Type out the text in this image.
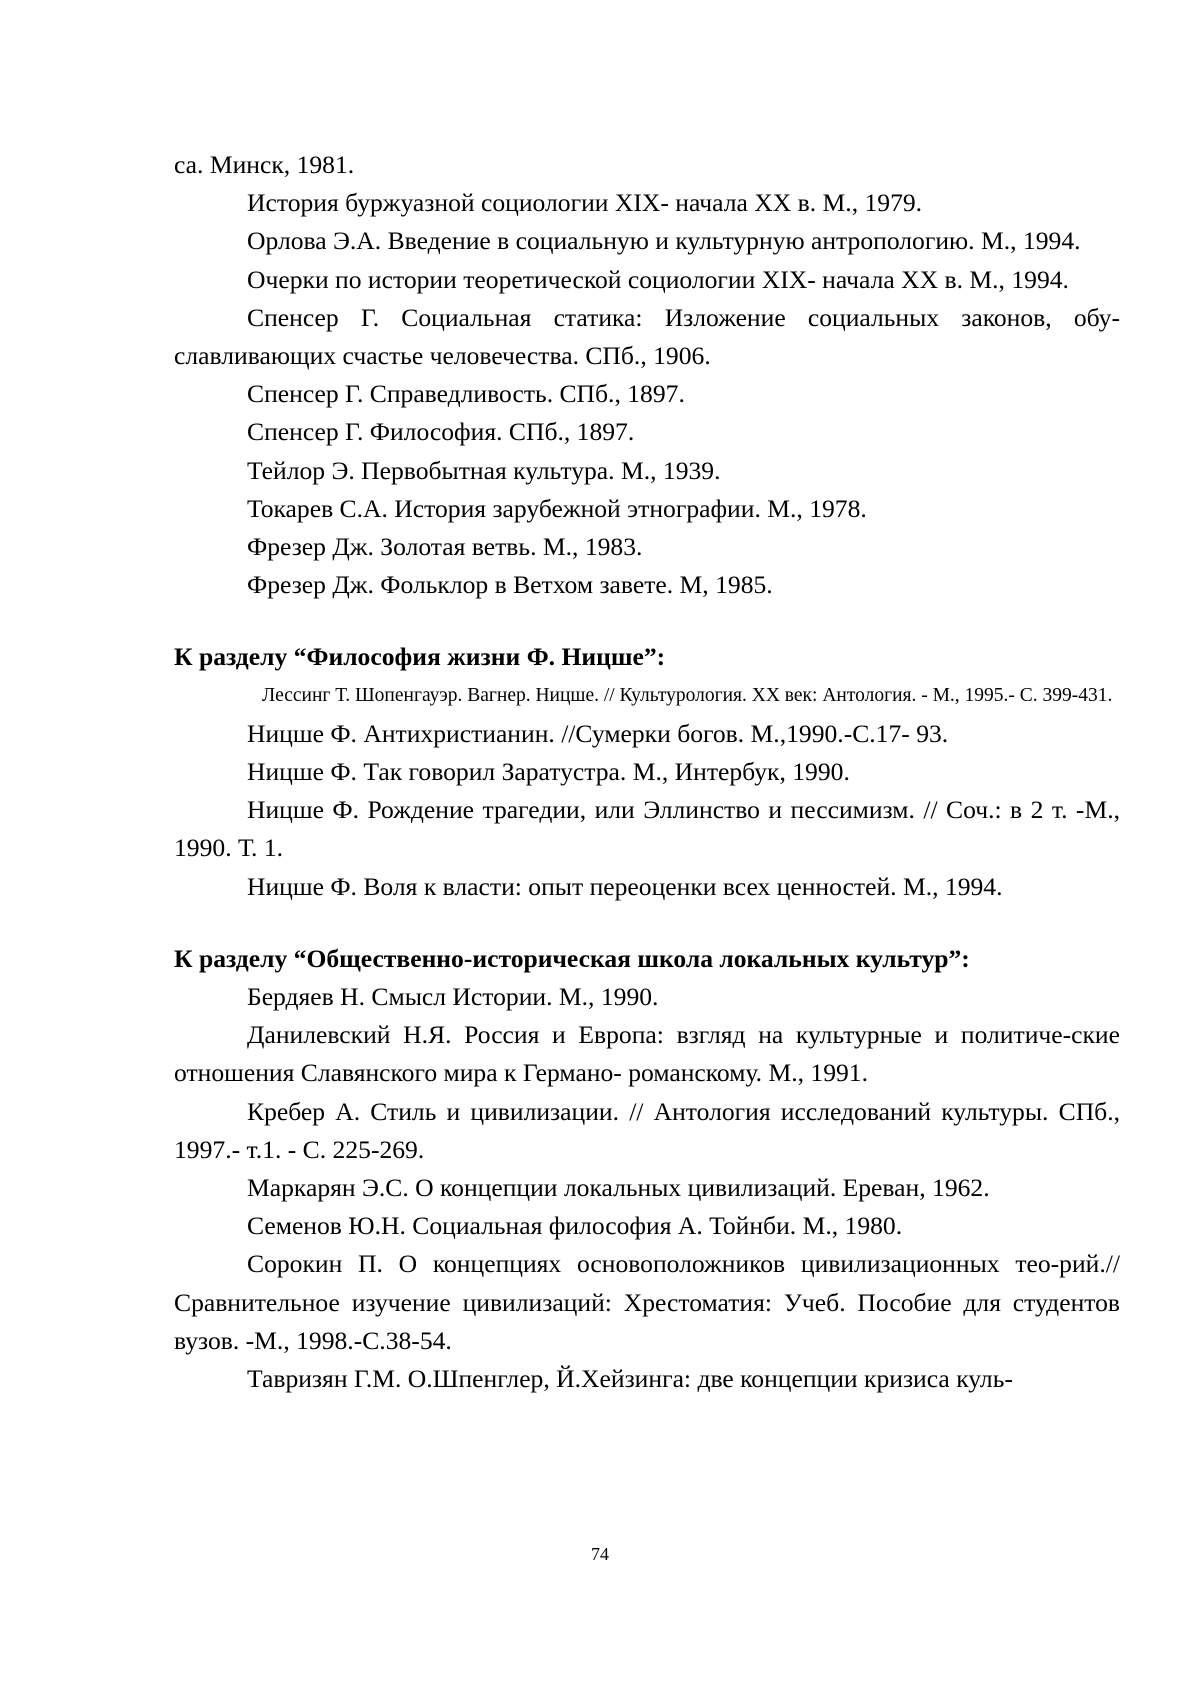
са. Минск, 1981.

История буржуазной социологии XIX- начала XX в. М., 1979.

Орлова Э.А. Введение в социальную и культурную антропологию. М., 1994.

Очерки по истории теоретической социологии XIX- начала XX в. М., 1994.

Спенсер Г. Социальная статика: Изложение социальных законов, обу-славливающих счастье человечества. СПб., 1906.

Спенсер Г. Справедливость. СПб., 1897.

Спенсер Г. Философия. СПб., 1897.

Тейлор Э. Первобытная культура. М., 1939.

Токарев С.А. История зарубежной этнографии. М., 1978.

Фрезер Дж. Золотая ветвь. М., 1983.

Фрезер Дж. Фольклор в Ветхом завете. М, 1985.

К разделу “Философия жизни Ф. Ницше”:

Лессинг Т. Шопенгауэр. Вагнер. Ницше. // Культурология. XX век: Антология. - М., 1995.- С. 399-431.

Ницше Ф. Антихристианин. //Сумерки богов. М.,1990.-С.17- 93.

Ницше Ф. Так говорил Заратустра. М., Интербук, 1990.

Ницше Ф. Рождение трагедии, или Эллинство и пессимизм. // Соч.: в 2 т. -М., 1990. Т. 1.

Ницше Ф. Воля к власти: опыт переоценки всех ценностей. М., 1994.

К разделу “Общественно-историческая школа локальных культур”:

Бердяев Н. Смысл Истории. М., 1990.

Данилевский Н.Я. Россия и Европа: взгляд на культурные и политиче-ские отношения Славянского мира к Германо- романскому. М., 1991.

Кребер А. Стиль и цивилизации. // Антология исследований культуры. СПб., 1997.- т.1. - С. 225-269.

Маркарян Э.С. О концепции локальных цивилизаций. Ереван, 1962.

Семенов Ю.Н. Социальная философия А. Тойнби. М., 1980.

Сорокин П. О концепциях основоположников цивилизационных тео-рий.// Сравнительное изучение цивилизаций: Хрестоматия: Учеб. Пособие для студентов вузов. -М., 1998.-С.38-54.

Тавризян Г.М. О.Шпенглер, Й.Хейзинга: две концепции кризиса куль-

74
